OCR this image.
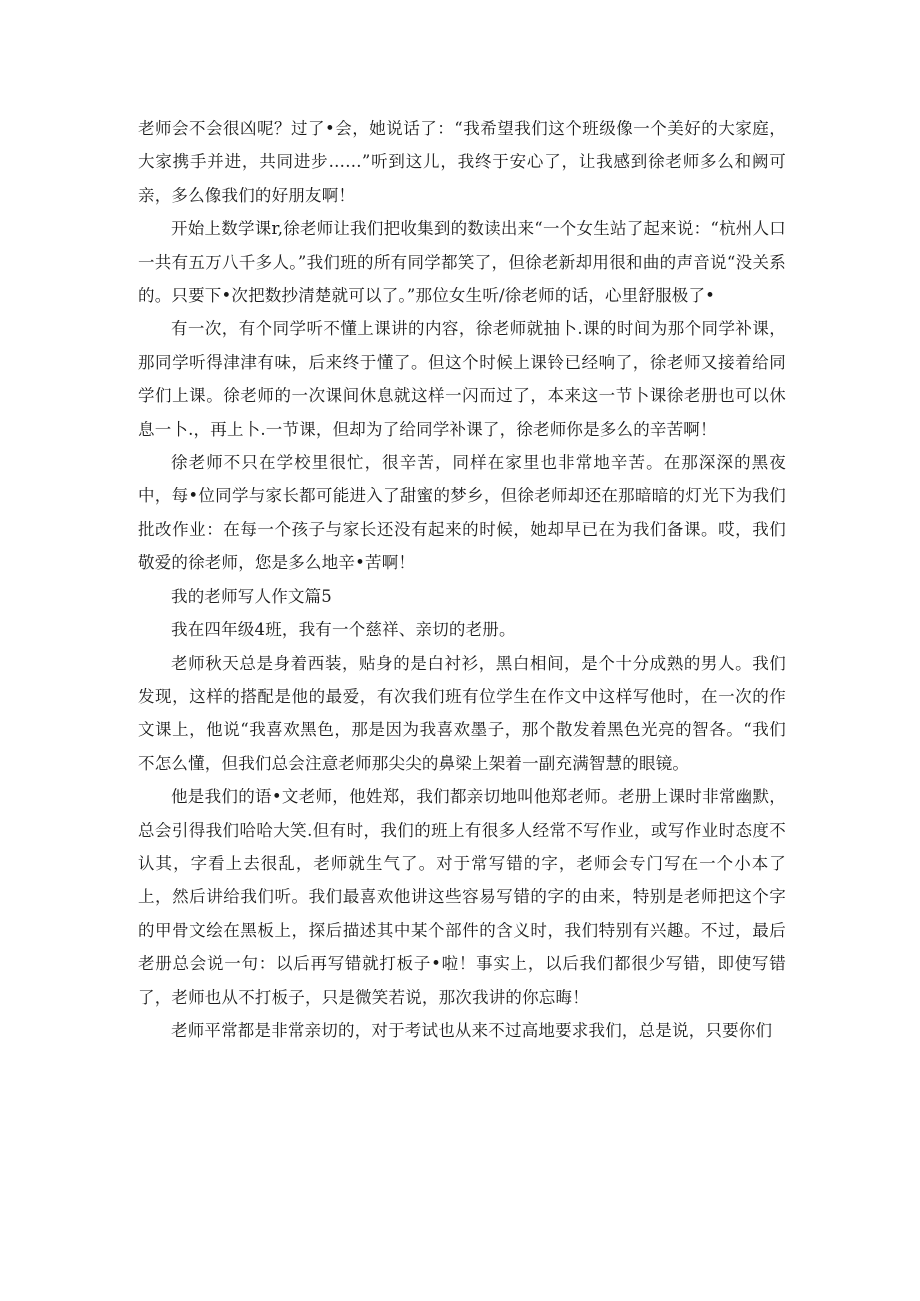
老师会不会很凶呢？过了•会，她说话了：“我希望我们这个班级像一个美好的大家庭，大家携手并进，共同进步……”听到这儿，我终于安心了，让我感到徐老师多么和阙可亲，多么像我们的好朋友啊！

开始上数学课r,徐老师让我们把收集到的数读出来“一个女生站了起来说：“杭州人口一共有五万八千多人。”我们班的所有同学都笑了，但徐老新却用很和曲的声音说“没关系的。只要下•次把数抄清楚就可以了。”那位女生听/徐老师的话，心里舒服极了•

有一次，有个同学听不懂上课讲的内容，徐老师就抽卜.课的时间为那个同学补课，那同学听得津津有味，后来终于懂了。但这个时候上课铃已经响了，徐老师又接着给同学们上课。徐老师的一次课间休息就这样一闪而过了，本来这一节卜课徐老册也可以休息一卜.，再上卜.一节课，但却为了给同学补课了，徐老师你是多么的辛苦啊！

徐老师不只在学校里很忙，很辛苦，同样在家里也非常地辛苦。在那深深的黑夜中，每•位同学与家长都可能进入了甜蜜的梦乡，但徐老师却还在那暗暗的灯光下为我们批改作业：在每一个孩子与家长还没有起来的时候，她却早已在为我们备课。哎，我们敬爱的徐老师，您是多么地辛•苦啊！

我的老师写人作文篇5

我在四年级4班，我有一个慈祥、亲切的老册。

老师秋天总是身着西装，贴身的是白衬衫，黑白相间，是个十分成熟的男人。我们发现，这样的搭配是他的最爱，有次我们班有位学生在作文中这样写他时，在一次的作文课上，他说“我喜欢黑色，那是因为我喜欢墨子，那个散发着黑色光亮的智各。“我们不怎么懂，但我们总会注意老师那尖尖的鼻梁上架着一副充满智慧的眼镜。

他是我们的语•文老师，他姓郑，我们都亲切地叫他郑老师。老册上课时非常幽默，总会引得我们哈哈大笑.但有时，我们的班上有很多人经常不写作业，或写作业时态度不认其，字看上去很乱，老师就生气了。对于常写错的字，老师会专门写在一个小本了上，然后讲给我们听。我们最喜欢他讲这些容易写错的字的由来，特别是老师把这个字的甲骨文绘在黑板上，探后描述其中某个部件的含义时，我们特别有兴趣。不过，最后老册总会说一句：以后再写错就打板子•啦！事实上，以后我们都很少写错，即使写错了，老师也从不打板子，只是微笑若说，那次我讲的你忘晦！

老师平常都是非常亲切的，对于考试也从来不过高地要求我们，总是说，只要你们
